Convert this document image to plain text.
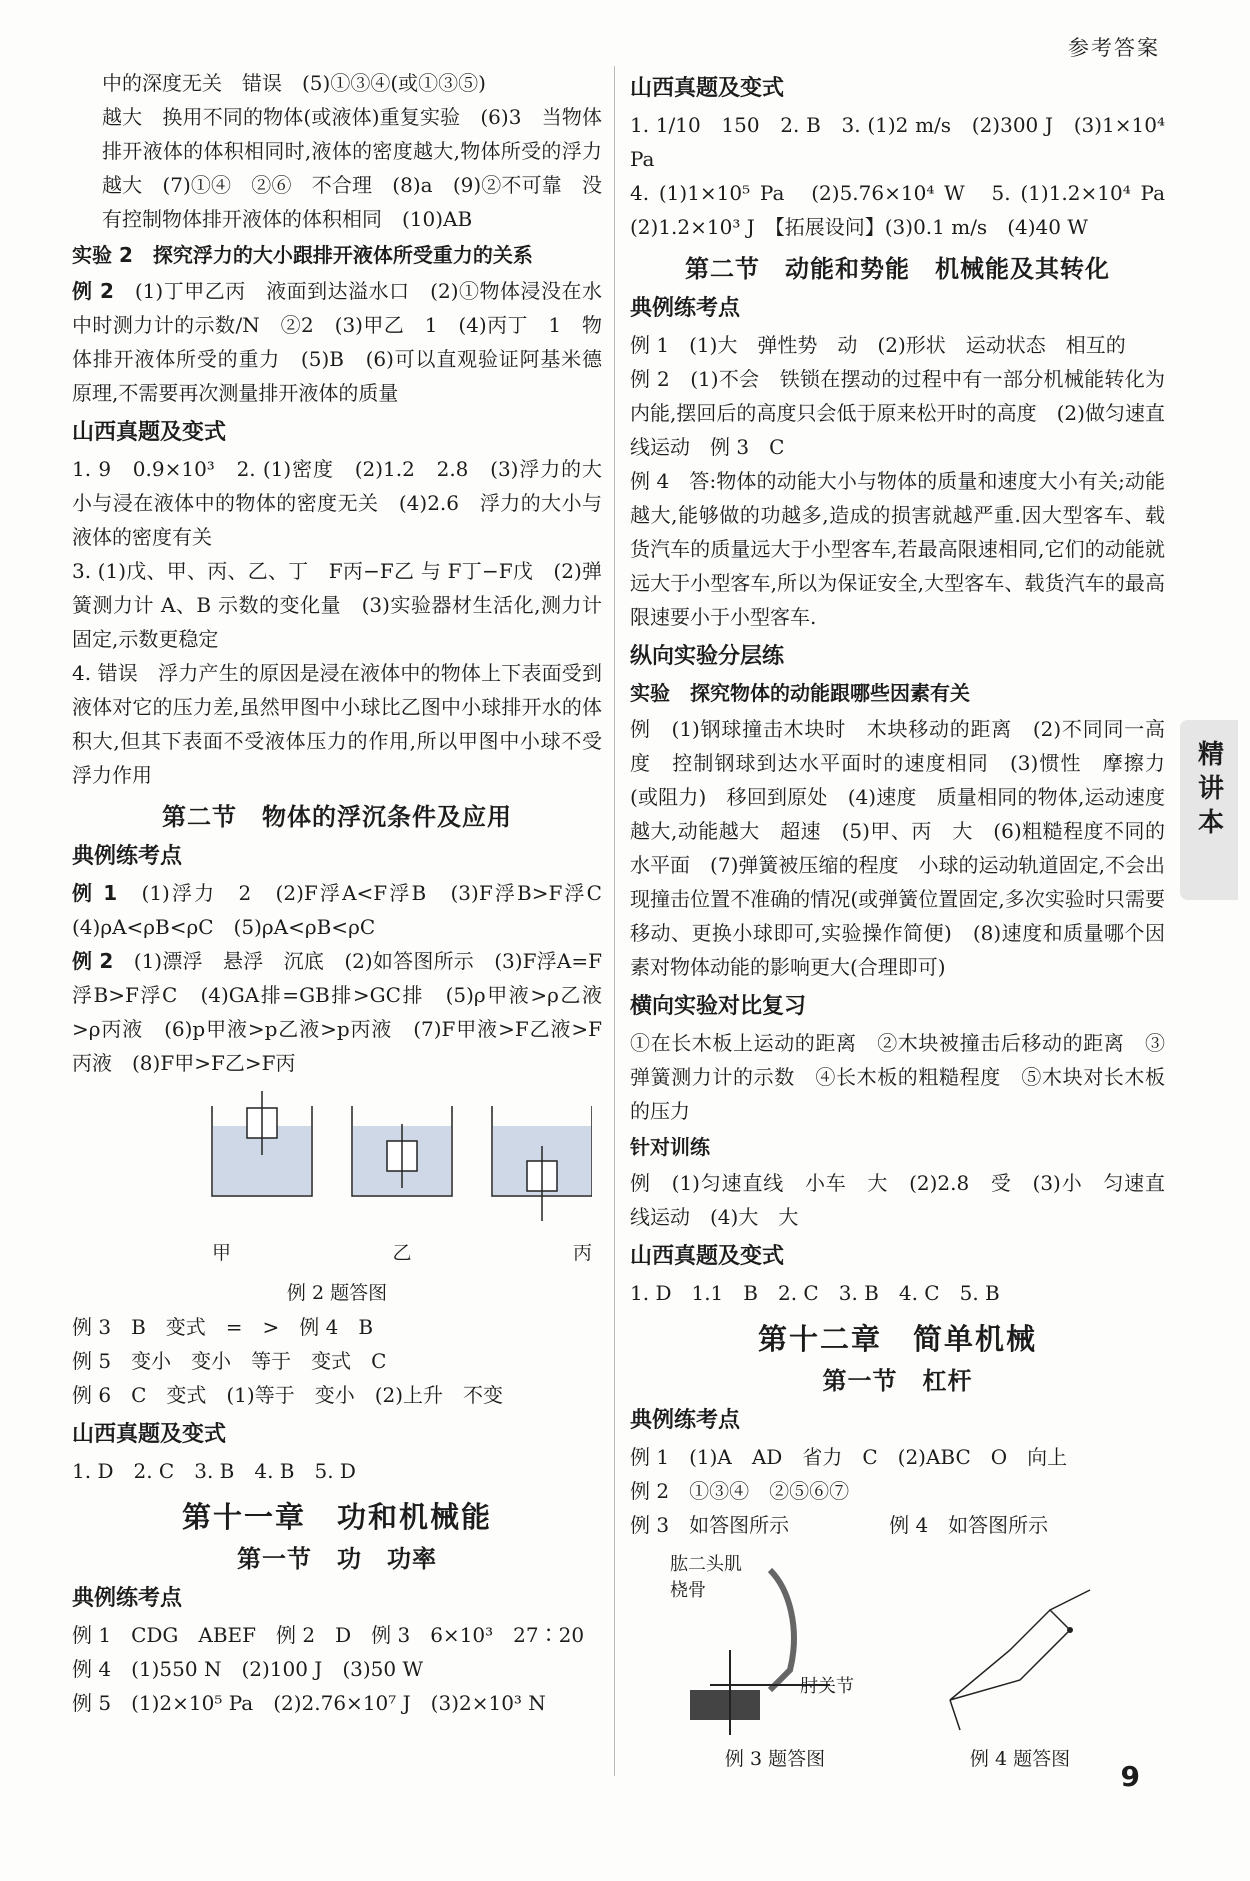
参考答案

中的深度无关　错误　(5)①③④(或①③⑤)

越大　换用不同的物体(或液体)重复实验　(6)3　当物体排开液体的体积相同时,液体的密度越大,物体所受的浮力越大　(7)①④　②⑥　不合理　(8)a　(9)②不可靠　没有控制物体排开液体的体积相同　(10)AB

实验 2　探究浮力的大小跟排开液体所受重力的关系

例 2　 (1)丁甲乙丙　液面到达溢水口　(2)①物体浸没在水中时测力计的示数/N　②2　(3)甲乙　1　(4)丙丁　1　物体排开液体所受的重力　(5)B　(6)可以直观验证阿基米德原理,不需要再次测量排开液体的质量

山西真题及变式

1. 9　0.9×10³　2. (1)密度　(2)1.2　2.8　(3)浮力的大小与浸在液体中的物体的密度无关　(4)2.6　浮力的大小与液体的密度有关

3. (1)戊、甲、丙、乙、丁　F丙−F乙 与 F丁−F戊　(2)弹簧测力计 A、B 示数的变化量　(3)实验器材生活化,测力计固定,示数更稳定

4. 错误　浮力产生的原因是浸在液体中的物体上下表面受到液体对它的压力差,虽然甲图中小球比乙图中小球排开水的体积大,但其下表面不受液体压力的作用,所以甲图中小球不受浮力作用

第二节　物体的浮沉条件及应用
典例练考点

例 1　 (1)浮力　2　(2)F浮A<F浮B　(3)F浮B>F浮C　(4)ρA<ρB<ρC　(5)ρA<ρB<ρC

例 2　 (1)漂浮　悬浮　沉底　(2)如答图所示　(3)F浮A=F浮B>F浮C　(4)GA排=GB排>GC排　(5)ρ甲液>ρ乙液>ρ丙液　(6)p甲液>p乙液>p丙液　(7)F甲液>F乙液>F丙液　(8)F甲>F乙>F丙

甲	乙	丙
例 2 题答图

例 3　B　变式　=　>　例 4　B

例 5　变小　变小　等于　变式　C

例 6　C　变式　(1)等于　变小　(2)上升　不变

山西真题及变式

1. D　2. C　3. B　4. B　5. D

第十一章　功和机械能
第一节　功　功率
典例练考点

例 1　CDG　ABEF　例 2　D　例 3　6×10³　27∶20

例 4　(1)550 N　(2)100 J　(3)50 W

例 5　(1)2×10⁵ Pa　(2)2.76×10⁷ J　(3)2×10³ N

山西真题及变式

1. 1/10　150　2. B　3. (1)2 m/s　(2)300 J　(3)1×10⁴ Pa

4. (1)1×10⁵ Pa　(2)5.76×10⁴ W　5. (1)1.2×10⁴ Pa　(2)1.2×10³ J　【拓展设问】(3)0.1 m/s　(4)40 W

第二节　动能和势能　机械能及其转化
典例练考点

例 1　(1)大　弹性势　动　(2)形状　运动状态　相互的

例 2　(1)不会　铁锁在摆动的过程中有一部分机械能转化为内能,摆回后的高度只会低于原来松开时的高度　(2)做匀速直线运动　例 3　C

例 4　答:物体的动能大小与物体的质量和速度大小有关;动能越大,能够做的功越多,造成的损害就越严重.因大型客车、载货汽车的质量远大于小型客车,若最高限速相同,它们的动能就远大于小型客车,所以为保证安全,大型客车、载货汽车的最高限速要小于小型客车.

纵向实验分层练
实验　探究物体的动能跟哪些因素有关

例　(1)钢球撞击木块时　木块移动的距离　(2)不同同一高度　控制钢球到达水平面时的速度相同　(3)惯性　摩擦力(或阻力)　移回到原处　(4)速度　质量相同的物体,运动速度越大,动能越大　超速　(5)甲、丙　大　(6)粗糙程度不同的水平面　(7)弹簧被压缩的程度　小球的运动轨道固定,不会出现撞击位置不准确的情况(或弹簧位置固定,多次实验时只需要移动、更换小球即可,实验操作简便)　(8)速度和质量哪个因素对物体动能的影响更大(合理即可)

横向实验对比复习

①在长木板上运动的距离　②木块被撞击后移动的距离　③弹簧测力计的示数　④长木板的粗糙程度　⑤木块对长木板的压力

针对训练

例　(1)匀速直线　小车　大　(2)2.8　受　(3)小　匀速直线运动　(4)大　大

山西真题及变式

1. D　1.1　B　2. C　3. B　4. C　5. B

第十二章　简单机械
第一节　杠杆
典例练考点

例 1　(1)A　AD　省力　C　(2)ABC　O　向上

例 2　①③④　②⑤⑥⑦

例 3　如答图所示　　　　　例 4　如答图所示

肱二头肌
桡骨
肘关节
例 3 题答图	例 4 题答图
精讲本
9
